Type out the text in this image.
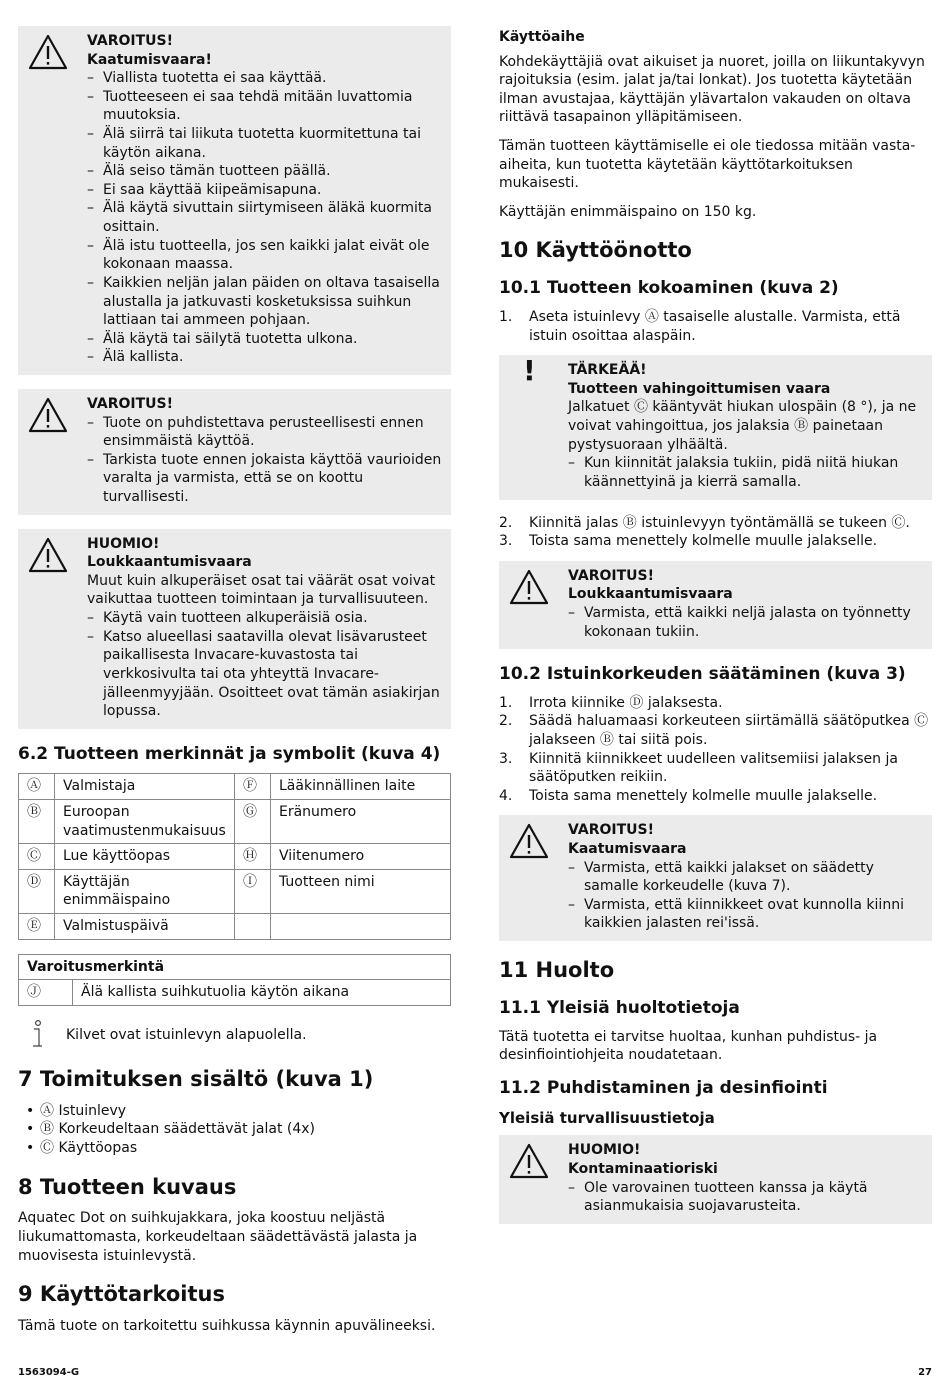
VAROITUS!
Kaatumisvaara!
– Viallista tuotetta ei saa käyttää.
– Tuotteeseen ei saa tehdä mitään luvattomia muutoksia.
– Älä siirrä tai liikuta tuotetta kuormitettuna tai käytön aikana.
– Älä seiso tämän tuotteen päällä.
– Ei saa käyttää kiipeämisapuna.
– Älä käytä sivuttain siirtymiseen äläkä kuormita osittain.
– Älä istu tuotteella, jos sen kaikki jalat eivät ole kokonaan maassa.
– Kaikkien neljän jalan päiden on oltava tasaisella alustalla ja jatkuvasti kosketuksissa suihkun lattiaan tai ammeen pohjaan.
– Älä käytä tai säilytä tuotetta ulkona.
– Älä kallista.
VAROITUS!
– Tuote on puhdistettava perusteellisesti ennen ensimmäistä käyttöä.
– Tarkista tuote ennen jokaista käyttöä vaurioiden varalta ja varmista, että se on koottu turvallisesti.
HUOMIO!
Loukkaantumisvaara
Muut kuin alkuperäiset osat tai väärät osat voivat vaikuttaa tuotteen toimintaan ja turvallisuuteen.
– Käytä vain tuotteen alkuperäisiä osia.
– Katso alueellasi saatavilla olevat lisävarusteet paikallisesta Invacare-kuvastosta tai verkkosivulta tai ota yhteyttä Invacare-jälleenmyyjään. Osoitteet ovat tämän asiakirjan lopussa.
6.2 Tuotteen merkinnät ja symbolit (kuva 4)
Ⓐ	Valmistaja	Ⓕ	Lääkinnällinen laite
Ⓑ	Euroopan vaatimustenmukaisuus	Ⓖ	Eränumero
Ⓒ	Lue käyttöopas	Ⓗ	Viitenumero
Ⓓ	Käyttäjän enimmäispaino	Ⓘ	Tuotteen nimi
Ⓔ	Valmistuspäivä		
Varoitusmerkintä
Ⓙ	Älä kallista suihkutuolia käytön aikana
Kilvet ovat istuinlevyn alapuolella.
7 Toimituksen sisältö (kuva 1)
• Ⓐ Istuinlevy
• Ⓑ Korkeudeltaan säädettävät jalat (4x)
• Ⓒ Käyttöopas
8 Tuotteen kuvaus

Aquatec Dot on suihkujakkara, joka koostuu neljästä liukumattomasta, korkeudeltaan säädettävästä jalasta ja muovisesta istuinlevystä.

9 Käyttötarkoitus

Tämä tuote on tarkoitettu suihkussa käynnin apuvälineeksi.

Käyttöaihe

Kohdekäyttäjiä ovat aikuiset ja nuoret, joilla on liikuntakyvyn rajoituksia (esim. jalat ja/tai lonkat). Jos tuotetta käytetään ilman avustajaa, käyttäjän ylävartalon vakauden on oltava riittävä tasapainon ylläpitämiseen.

Tämän tuotteen käyttämiselle ei ole tiedossa mitään vasta-aiheita, kun tuotetta käytetään käyttötarkoituksen mukaisesti.

Käyttäjän enimmäispaino on 150 kg.

10 Käyttöönotto
10.1 Tuotteen kokoaminen (kuva 2)
1. Aseta istuinlevy Ⓐ tasaiselle alustalle. Varmista, että istuin osoittaa alaspäin.
! TÄRKEÄÄ!
Tuotteen vahingoittumisen vaara
Jalkatuet Ⓒ kääntyvät hiukan ulospäin (8 °), ja ne voivat vahingoittua, jos jalaksia Ⓑ painetaan pystysuoraan ylhäältä.
– Kun kiinnität jalaksia tukiin, pidä niitä hiukan käännettyinä ja kierrä samalla.
2. Kiinnitä jalas Ⓑ istuinlevyyn työntämällä se tukeen Ⓒ.
3. Toista sama menettely kolmelle muulle jalakselle.
VAROITUS!
Loukkaantumisvaara
– Varmista, että kaikki neljä jalasta on työnnetty kokonaan tukiin.
10.2 Istuinkorkeuden säätäminen (kuva 3)
1. Irrota kiinnike Ⓓ jalaksesta.
2. Säädä haluamaasi korkeuteen siirtämällä säätöputkea Ⓒ jalakseen Ⓑ tai siitä pois.
3. Kiinnitä kiinnikkeet uudelleen valitsemiisi jalaksen ja säätöputken reikiin.
4. Toista sama menettely kolmelle muulle jalakselle.
VAROITUS!
Kaatumisvaara
– Varmista, että kaikki jalakset on säädetty samalle korkeudelle (kuva 7).
– Varmista, että kiinnikkeet ovat kunnolla kiinni kaikkien jalasten rei'issä.
11 Huolto
11.1 Yleisiä huoltotietoja

Tätä tuotetta ei tarvitse huoltaa, kunhan puhdistus- ja desinfiointiohjeita noudatetaan.

11.2 Puhdistaminen ja desinfiointi
Yleisiä turvallisuustietoja
HUOMIO!
Kontaminaatioriski
– Ole varovainen tuotteen kanssa ja käytä asianmukaisia suojavarusteita.
1563094-G	27
